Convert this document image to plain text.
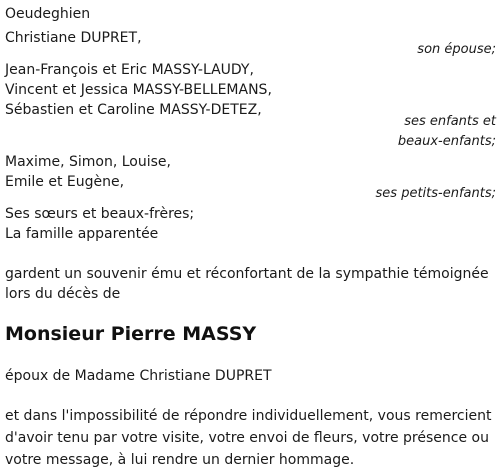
Oeudeghien
Christiane DUPRET,
son épouse;
Jean-François et Eric MASSY-LAUDY,
Vincent et Jessica MASSY-BELLEMANS,
Sébastien et Caroline MASSY-DETEZ,
ses enfants et
beaux-enfants;
Maxime, Simon, Louise,
Emile et Eugène,
ses petits-enfants;
Ses sœurs et beaux-frères;
La famille apparentée
gardent un souvenir ému et réconfortant de la sympathie témoignée
lors du décès de
Monsieur Pierre MASSY
époux de Madame Christiane DUPRET
et dans l'impossibilité de répondre individuellement, vous remercient
d'avoir tenu par votre visite, votre envoi de fleurs, votre présence ou
votre message, à lui rendre un dernier hommage.
